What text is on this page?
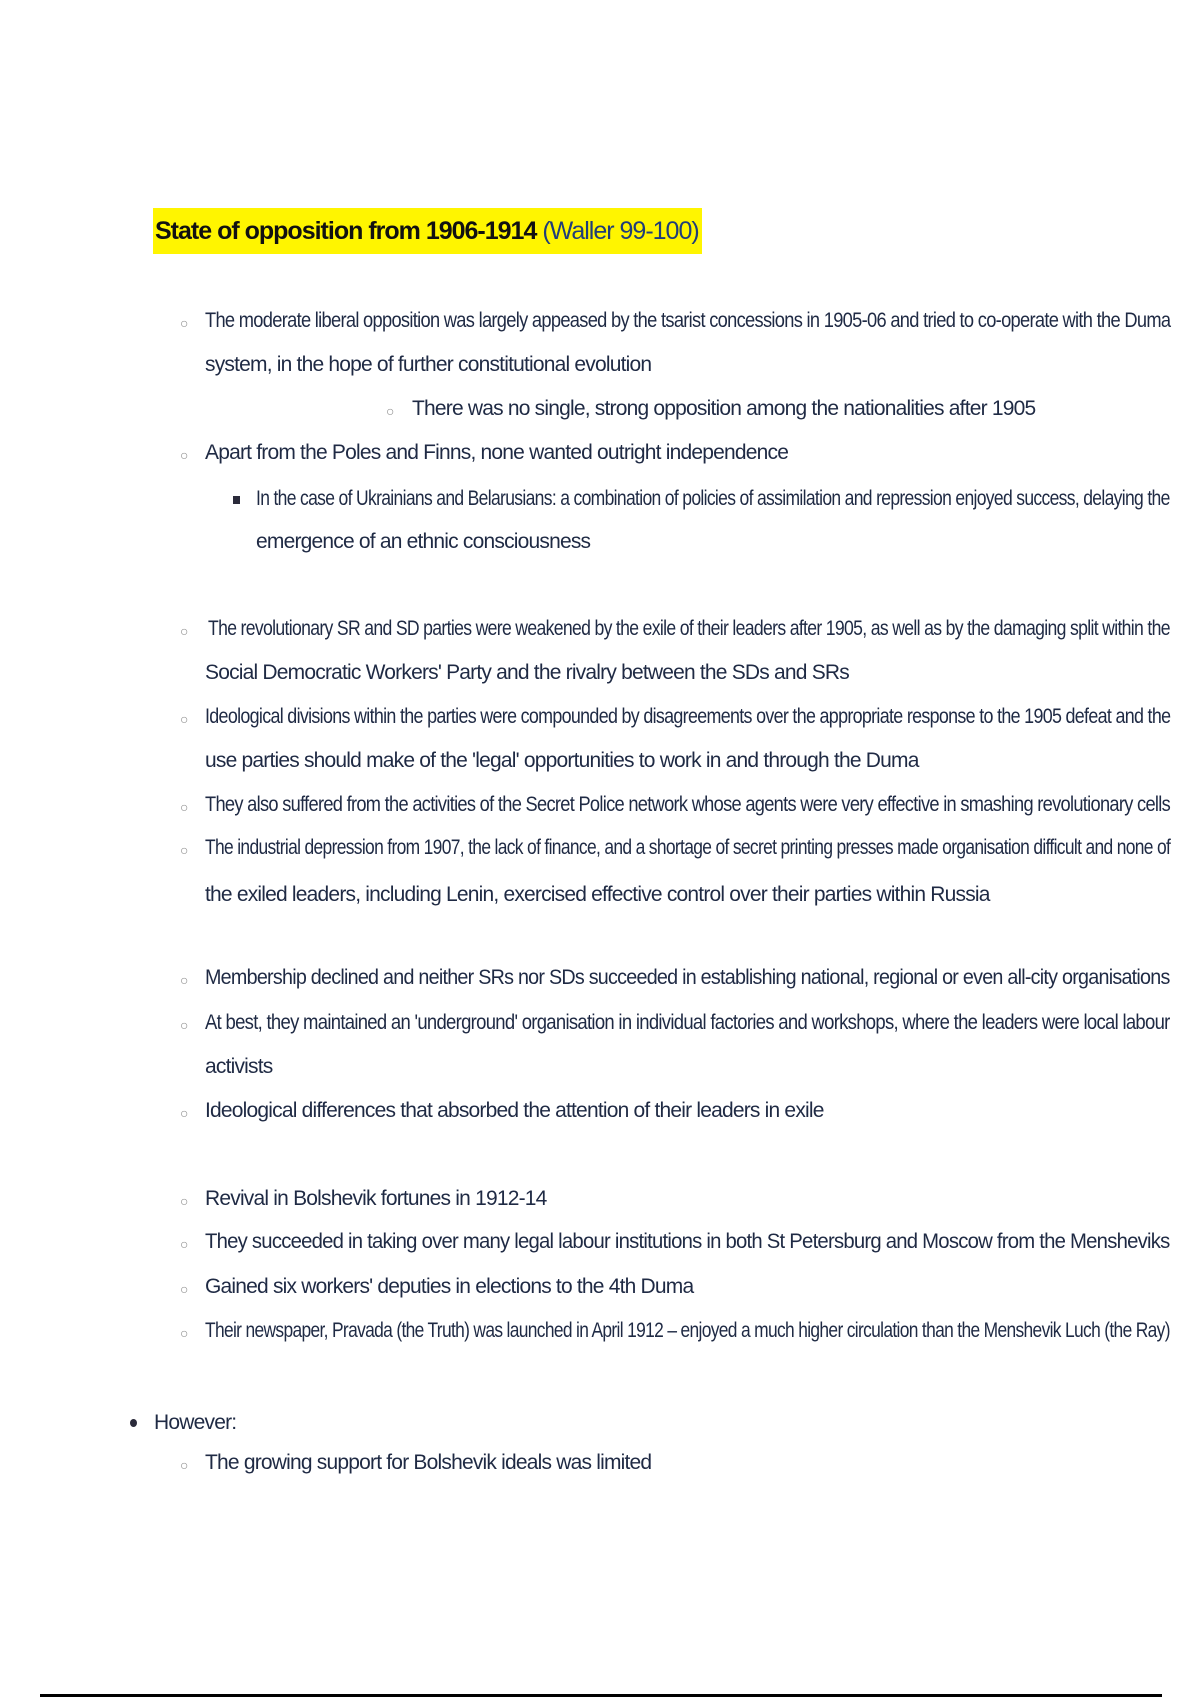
State of opposition from 1906-1914 (Waller 99-100)
○
○
○
○
○
○
○
○
○
○
○
○
○
○
○
The moderate liberal opposition was largely appeased by the tsarist concessions in 1905-06 and tried to co-operate with the Duma
system, in the hope of further constitutional evolution
There was no single, strong opposition among the nationalities after 1905
Apart from the Poles and Finns, none wanted outright independence
In the case of Ukrainians and Belarusians: a combination of policies of assimilation and repression enjoyed success, delaying the
emergence of an ethnic consciousness
The revolutionary SR and SD parties were weakened by the exile of their leaders after 1905, as well as by the damaging split within the
Social Democratic Workers' Party and the rivalry between the SDs and SRs
Ideological divisions within the parties were compounded by disagreements over the appropriate response to the 1905 defeat and the
use parties should make of the 'legal' opportunities to work in and through the Duma
They also suffered from the activities of the Secret Police network whose agents were very effective in smashing revolutionary cells
The industrial depression from 1907, the lack of finance, and a shortage of secret printing presses made organisation difficult and none of
the exiled leaders, including Lenin, exercised effective control over their parties within Russia
Membership declined and neither SRs nor SDs succeeded in establishing national, regional or even all-city organisations
At best, they maintained an 'underground' organisation in individual factories and workshops, where the leaders were local labour
activists
Ideological differences that absorbed the attention of their leaders in exile
Revival in Bolshevik fortunes in 1912-14
They succeeded in taking over many legal labour institutions in both St Petersburg and Moscow from the Mensheviks
Gained six workers' deputies in elections to the 4th Duma
Their newspaper, Pravada (the Truth) was launched in April 1912 – enjoyed a much higher circulation than the Menshevik Luch (the Ray)
However:
The growing support for Bolshevik ideals was limited
